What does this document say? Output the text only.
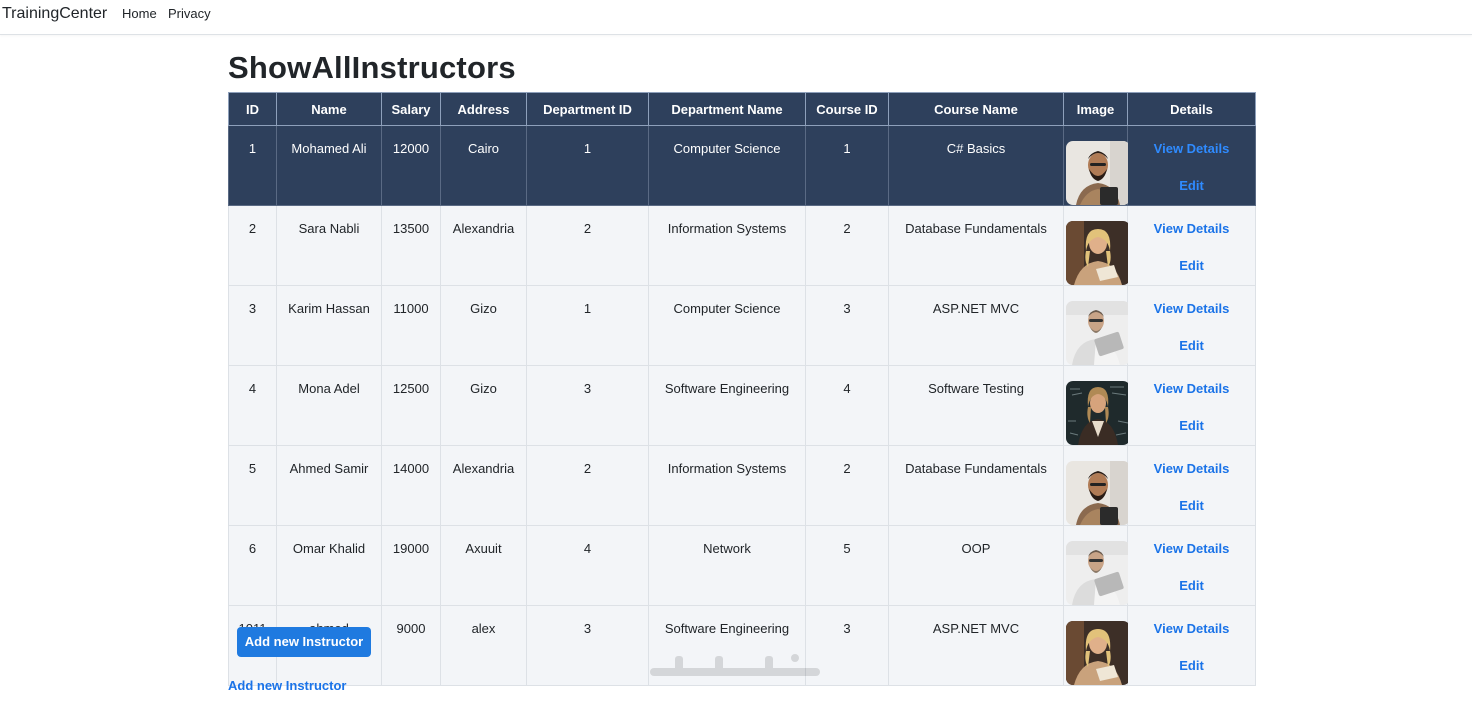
TrainingCenter Home Privacy
ShowAllInstructors
ID	Name	Salary	Address	Department ID	Department Name	Course ID	Course Name	Image	Details
1	Mohamed Ali	12000	Cairo	1	Computer Science	1	C# Basics		View Details
Edit

2	Sara Nabli	13500	Alexandria	2	Information Systems	2	Database Fundamentals		View Details
Edit

3	Karim Hassan	11000	Gizo	1	Computer Science	3	ASP.NET MVC		View Details
Edit

4	Mona Adel	12500	Gizo	3	Software Engineering	4	Software Testing		View Details
Edit

5	Ahmed Samir	14000	Alexandria	2	Information Systems	2	Database Fundamentals		View Details
Edit

6	Omar Khalid	19000	Axuuit	4	Network	5	OOP		View Details
Edit

		9000	alex	3	Software Engineering	3	ASP.NET MVC		View Details
Edit
Add new Instructor
Add new Instructor
